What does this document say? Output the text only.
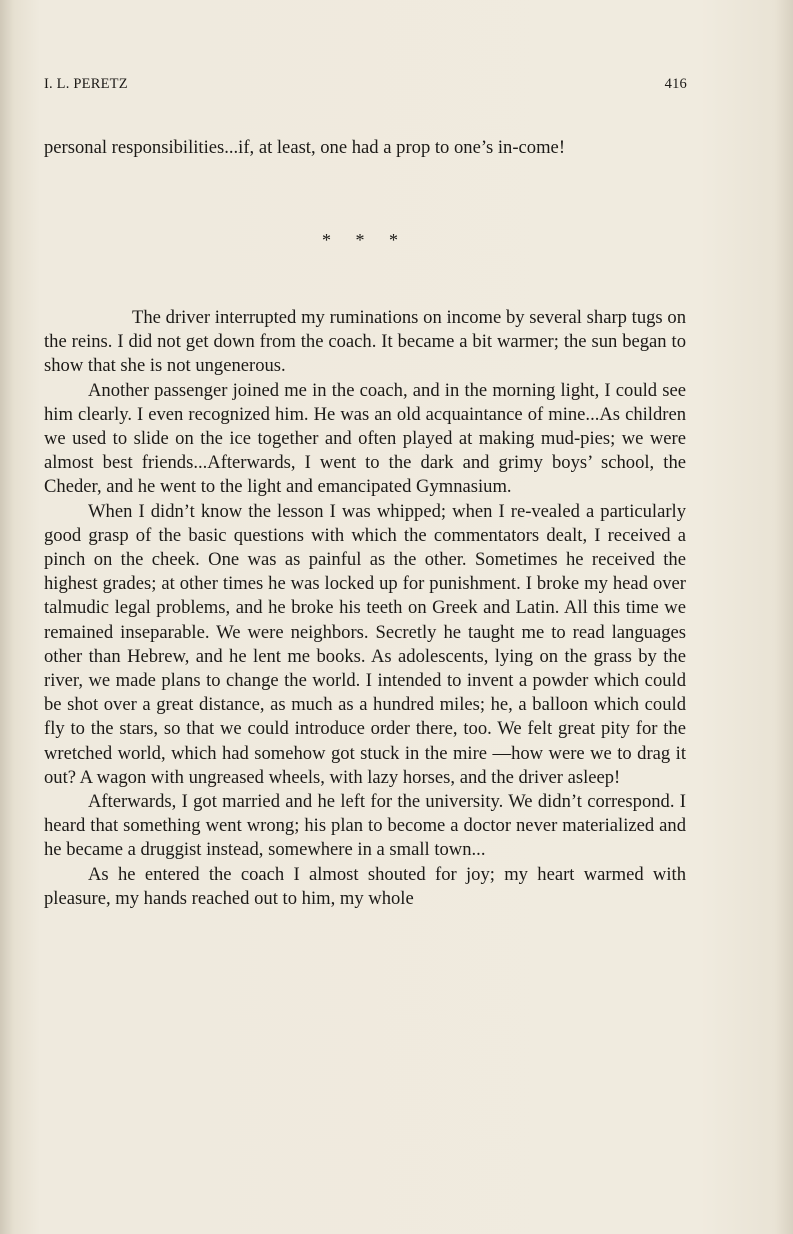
I. L. PERETZ	416

personal responsibilities...if, at least, one had a prop to one’s in-come!

* * *

The driver interrupted my ruminations on income by several sharp tugs on the reins. I did not get down from the coach. It became a bit warmer; the sun began to show that she is not ungenerous.

Another passenger joined me in the coach, and in the morning light, I could see him clearly. I even recognized him. He was an old acquaintance of mine...As children we used to slide on the ice together and often played at making mud-pies; we were almost best friends...Afterwards, I went to the dark and grimy boys’ school, the Cheder, and he went to the light and emancipated Gymnasium.

When I didn’t know the lesson I was whipped; when I re-vealed a particularly good grasp of the basic questions with which the commentators dealt, I received a pinch on the cheek. One was as painful as the other. Sometimes he received the highest grades; at other times he was locked up for punishment. I broke my head over talmudic legal problems, and he broke his teeth on Greek and Latin. All this time we remained inseparable. We were neighbors. Secretly he taught me to read languages other than Hebrew, and he lent me books. As adolescents, lying on the grass by the river, we made plans to change the world. I intended to invent a powder which could be shot over a great distance, as much as a hundred miles; he, a balloon which could fly to the stars, so that we could introduce order there, too. We felt great pity for the wretched world, which had somehow got stuck in the mire —how were we to drag it out? A wagon with ungreased wheels, with lazy horses, and the driver asleep!

Afterwards, I got married and he left for the university. We didn’t correspond. I heard that something went wrong; his plan to become a doctor never materialized and he became a druggist instead, somewhere in a small town...

As he entered the coach I almost shouted for joy; my heart warmed with pleasure, my hands reached out to him, my whole
